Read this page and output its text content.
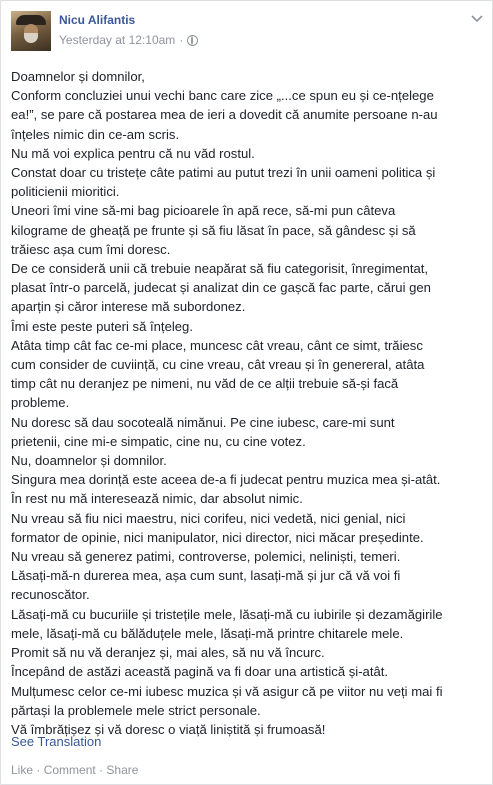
Nicu Alifantis
Yesterday at 12:10am ·

Doamnelor și domnilor,

Conform concluziei unui vechi banc care zice „...ce spun eu și ce-nțelege

ea!”, se pare că postarea mea de ieri a dovedit că anumite persoane n-au

înțeles nimic din ce-am scris.

Nu mă voi explica pentru că nu văd rostul.

Constat doar cu tristețe câte patimi au putut trezi în unii oameni politica și

politicienii mioritici.

Uneori îmi vine să-mi bag picioarele în apă rece, să-mi pun câteva

kilograme de gheață pe frunte și să fiu lăsat în pace, să gândesc și să

trăiesc așa cum îmi doresc.

De ce consideră unii că trebuie neapărat să fiu categorisit, înregimentat,

plasat într-o parcelă, judecat și analizat din ce gașcă fac parte, cărui gen

aparțin și căror interese mă subordonez.

Îmi este peste puteri să înțeleg.

Atâta timp cât fac ce-mi place, muncesc cât vreau, cânt ce simt, trăiesc

cum consider de cuviință, cu cine vreau, cât vreau și în genereral, atâta

timp cât nu deranjez pe nimeni, nu văd de ce alții trebuie să-și facă

probleme.

Nu doresc să dau socoteală nimănui. Pe cine iubesc, care-mi sunt

prietenii, cine mi-e simpatic, cine nu, cu cine votez.

Nu, doamnelor și domnilor.

Singura mea dorință este aceea de-a fi judecat pentru muzica mea și-atât.

În rest nu mă interesează nimic, dar absolut nimic.

Nu vreau să fiu nici maestru, nici corifeu, nici vedetă, nici genial, nici

formator de opinie, nici manipulator, nici director, nici măcar președinte.

Nu vreau să generez patimi, controverse, polemici, neliniști, temeri.

Lăsați-mă-n durerea mea, așa cum sunt, lasați-mă și jur că vă voi fi

recunoscător.

Lăsați-mă cu bucuriile și tristețile mele, lăsați-mă cu iubirile și dezamăgirile

mele, lăsați-mă cu bălăduțele mele, lăsați-mă printre chitarele mele.

Promit să nu vă deranjez și, mai ales, să nu vă încurc.

Începând de astăzi această pagină va fi doar una artistică și-atât.

Mulțumesc celor ce-mi iubesc muzica și vă asigur că pe viitor nu veți mai fi

părtași la problemele mele strict personale.

Vă îmbrățișez și vă doresc o viață liniștită și frumoasă!

See Translation
Like · Comment · Share
